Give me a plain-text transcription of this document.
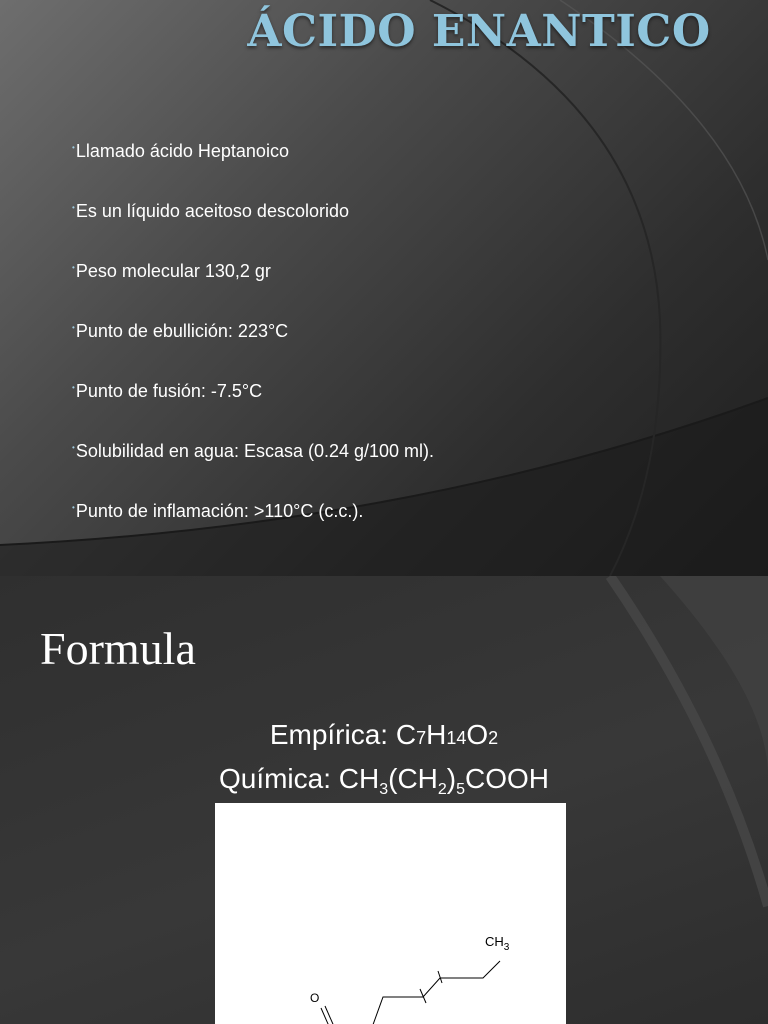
ÁCIDO ENANTICO
•Llamado ácido Heptanoico
•Es un líquido aceitoso descolorido
•Peso molecular 130,2 gr
•Punto de ebullición: 223°C
•Punto de fusión: -7.5°C
•Solubilidad en agua: Escasa (0.24 g/100 ml).
•Punto de inflamación: >110°C (c.c.).
Formula
Empírica: C7H14O2
Química: $CH_3(CH_2)_5COOH$
$CH_3$
O
